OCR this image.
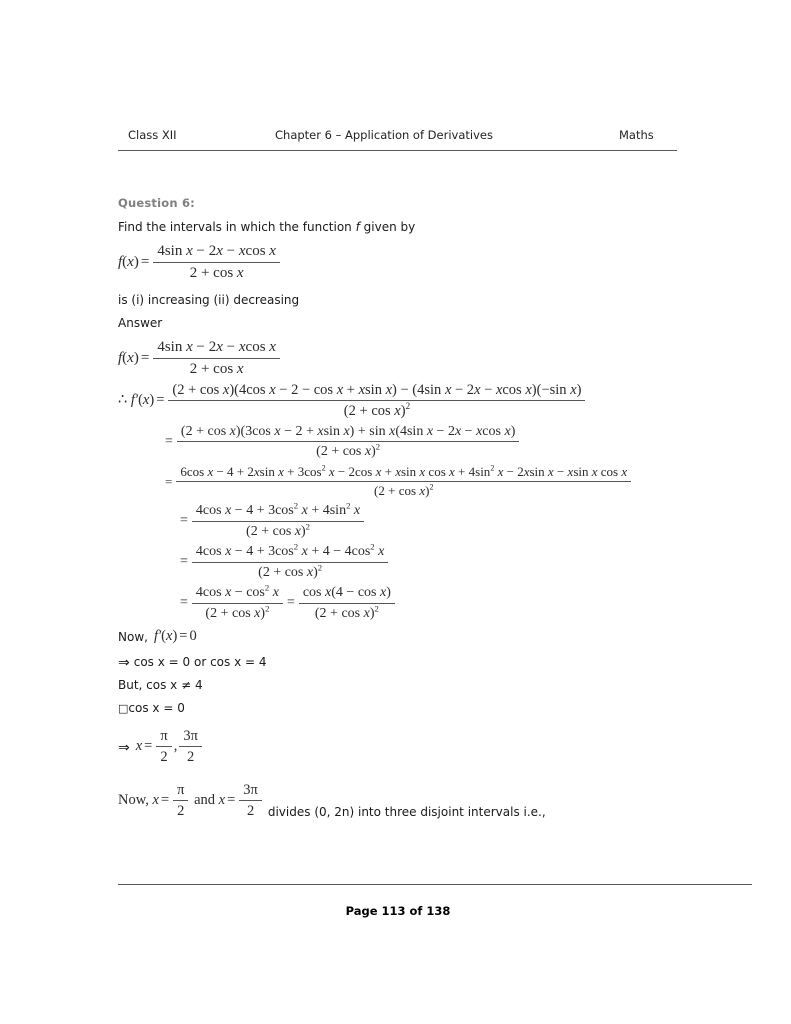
Class XII	Chapter 6 – Application of Derivatives	Maths
Question 6:
Find the intervals in which the function f given by
$f(x) = \frac{\text{4sin x − 2x − xcos x}}{\text{2 + cos x}}$
is (i) increasing (ii) decreasing
Answer
$f(x) = \frac{\text{4sin x − 2x − xcos x}}{\text{2 + cos x}}$
∴
f′(x) =
(2 + cos x)(4cos x − 2 − cos x + xsin x) − (4sin x − 2x − xcos x)(−sin x)
$(2 + \cos x)^2$
=
(2 + cos x)(3cos x − 2 + xsin x) + sin x(4sin x − 2x − xcos x)
$(2 + \cos x)^2$
=
6cos x − 4 + 2xsin $x + 3\cos^2$ x − 2cos x + xsin x $\cos x + 4\sin^2$ x − 2xsin x − xsin x cos x
$(2 + \cos x)^2$
= $\frac{4\cos x - 4 + 3\cos^2 x + 4\sin^2 x}{(2 + \cos x)^2}$
= $\frac{4\cos x - 4 + 3\cos^2 x + 4 - 4\cos^2 x}{(2 + \cos x)^2}$
= $\frac{4\cos x - \cos^2 x}{(2 + \cos x)^2} = \frac{\text{cos x(4 − cos x)}}{(2 + \cos x)^2}$
Now, f′(x) = 0
⇒ cos x = 0 or cos x = 4
But, cos x ≠ 4
□ cos x = 0
⇒ $x = \frac{\pi}{2}$ , $\frac{3\pi}{2}$
Now,
$x = \frac{\pi}{2}$
and
$x = \frac{3\pi}{2}$ divides (0, 2n) into three disjoint intervals i.e.,
Page 113 of 138
